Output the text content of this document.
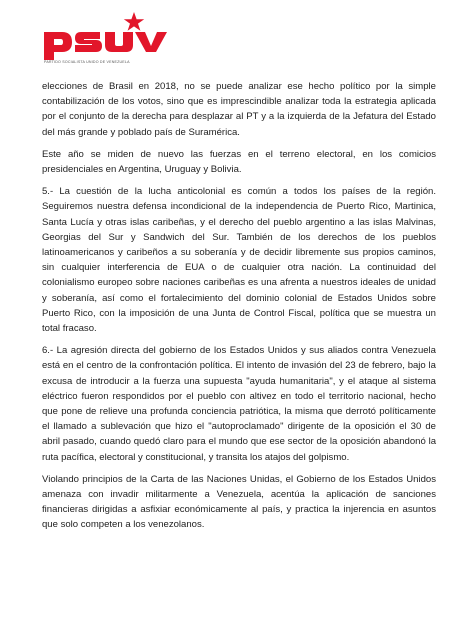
PARTIDO SOCIALISTA UNIDO DE VENEZUELA

elecciones de Brasil en 2018, no se puede analizar ese hecho político por la simple contabilización de los votos, sino que es imprescindible analizar toda la estrategia aplicada por el conjunto de la derecha para desplazar al PT y a la izquierda de la Jefatura del Estado del más grande y poblado país de Suramérica.

Este año se miden de nuevo las fuerzas en el terreno electoral, en los comicios presidenciales en Argentina, Uruguay y Bolivia.

5.- La cuestión de la lucha anticolonial es común a todos los países de la región. Seguiremos nuestra defensa incondicional de la independencia de Puerto Rico, Martinica, Santa Lucía y otras islas caribeñas, y el derecho del pueblo argentino a las islas Malvinas, Georgias del Sur y Sandwich del Sur. También de los derechos de los pueblos latinoamericanos y caribeños a su soberanía y de decidir libremente sus propios caminos, sin cualquier interferencia de EUA o de cualquier otra nación. La continuidad del colonialismo europeo sobre naciones caribeñas es una afrenta a nuestros ideales de unidad y soberanía, así como el fortalecimiento del dominio colonial de Estados Unidos sobre Puerto Rico, con la imposición de una Junta de Control Fiscal, política que se muestra un total fracaso.

6.- La agresión directa del gobierno de los Estados Unidos y sus aliados contra Venezuela está en el centro de la confrontación política. El intento de invasión del 23 de febrero, bajo la excusa de introducir a la fuerza una supuesta "ayuda humanitaria", y el ataque al sistema eléctrico fueron respondidos por el pueblo con altivez en todo el territorio nacional, hecho que pone de relieve una profunda conciencia patriótica, la misma que derrotó políticamente el llamado a sublevación que hizo el "autoproclamado" dirigente de la oposición el 30 de abril pasado, cuando quedó claro para el mundo que ese sector de la oposición abandonó la ruta pacífica, electoral y constitucional, y transita los atajos del golpismo.

Violando principios de la Carta de las Naciones Unidas, el Gobierno de los Estados Unidos amenaza con invadir militarmente a Venezuela, acentúa la aplicación de sanciones financieras dirigidas a asfixiar económicamente al país, y practica la injerencia en asuntos que solo competen a los venezolanos.
